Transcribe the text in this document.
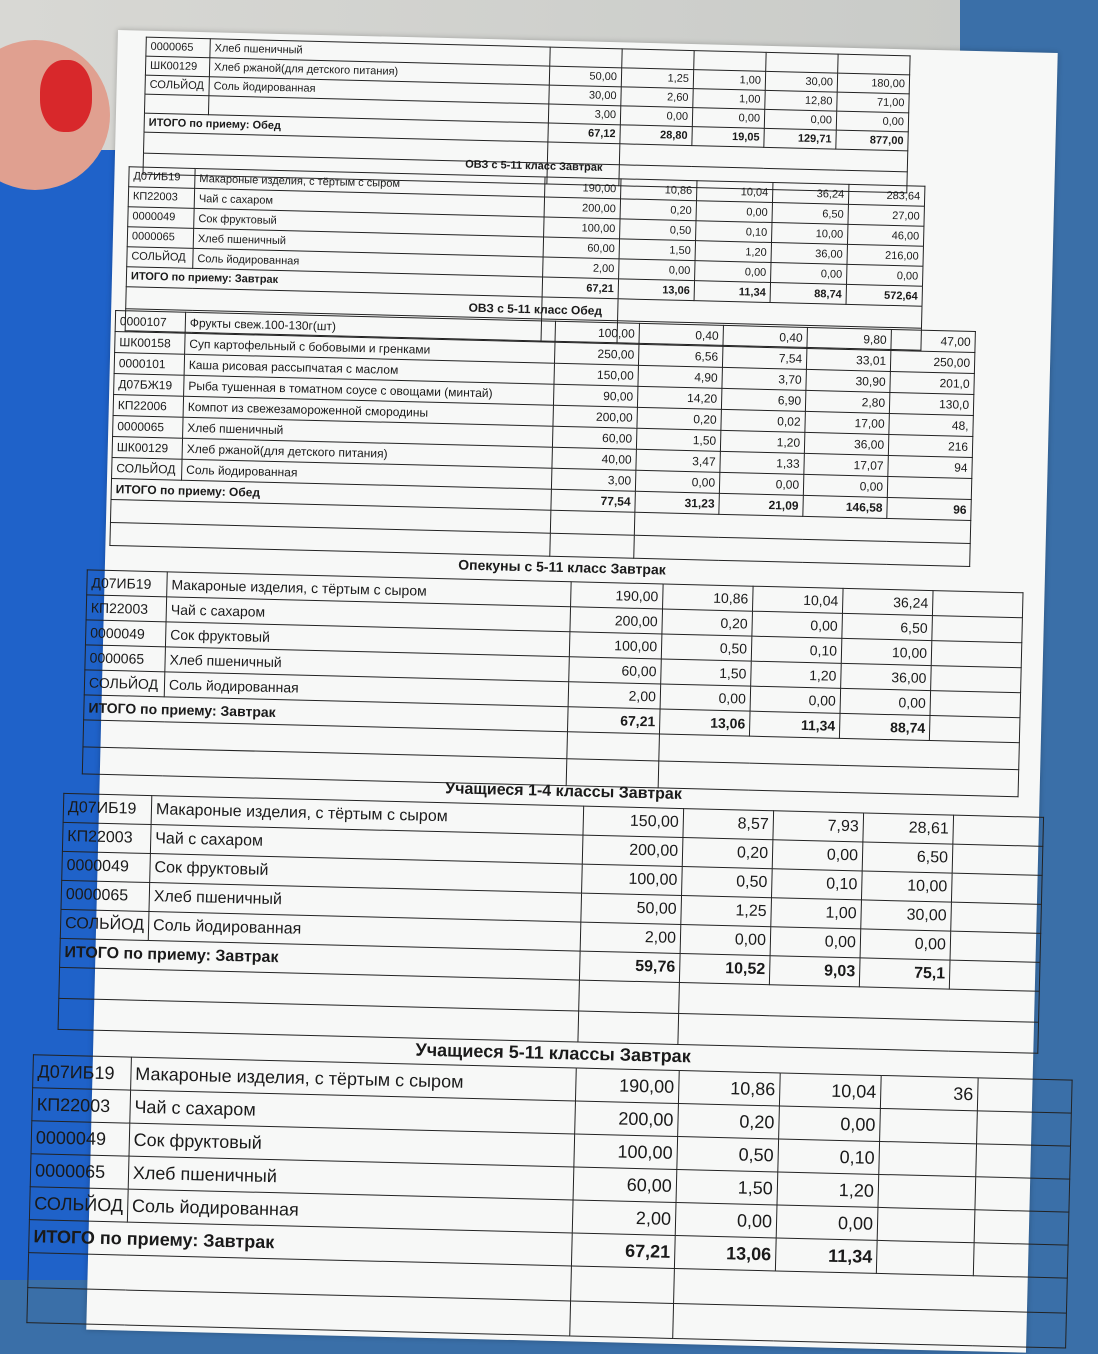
0000065	Хлеб пшеничный					
ШК00129	Хлеб ржаной(для детского питания)	50,00	1,25	1,00	30,00	180,00
СОЛЬЙОД	Соль йодированная	30,00	2,60	1,00	12,80	71,00
		3,00	0,00	0,00	0,00	0,00
ИТОГО по приему: Обед		67,12	28,80	19,05	129,71	877,00

ОВЗ с 5-11 класс Завтрак
Д07ИБ19	Макароные изделия, с тёртым с сыром	190,00	10,86	10,04	36,24	283,64
КП22003	Чай с сахаром	200,00	0,20	0,00	6,50	27,00
0000049	Сок фруктовый	100,00	0,50	0,10	10,00	46,00
0000065	Хлеб пшеничный	60,00	1,50	1,20	36,00	216,00
СОЛЬЙОД	Соль йодированная	2,00	0,00	0,00	0,00	0,00
ИТОГО по приему: Завтрак		67,21	13,06	11,34	88,74	572,64

ОВЗ с 5-11 класс Обед
0000107	Фрукты свеж.100-130г(шт)	100,00	0,40	0,40	9,80	47,00
ШК00158	Суп картофельный с бобовыми и гренками	250,00	6,56	7,54	33,01	250,00
0000101	Каша рисовая рассыпчатая с маслом	150,00	4,90	3,70	30,90	201,0
Д07БЖ19	Рыба тушенная в томатном соусе с овощами (минтай)	90,00	14,20	6,90	2,80	130,0
КП22006	Компот из свежезамороженной смородины	200,00	0,20	0,02	17,00	48,
0000065	Хлеб пшеничный	60,00	1,50	1,20	36,00	216
ШК00129	Хлеб ржаной(для детского питания)	40,00	3,47	1,33	17,07	94
СОЛЬЙОД	Соль йодированная	3,00	0,00	0,00	0,00	
ИТОГО по приему: Обед		77,54	31,23	21,09	146,58	96

Опекуны с 5-11 класс Завтрак
Д07ИБ19	Макароные изделия, с тёртым с сыром	190,00	10,86	10,04	36,24	
КП22003	Чай с сахаром	200,00	0,20	0,00	6,50	
0000049	Сок фруктовый	100,00	0,50	0,10	10,00	
0000065	Хлеб пшеничный	60,00	1,50	1,20	36,00	
СОЛЬЙОД	Соль йодированная	2,00	0,00	0,00	0,00	
ИТОГО по приему: Завтрак		67,21	13,06	11,34	88,74	

Учащиеся 1-4 классы Завтрак
Д07ИБ19	Макароные изделия, с тёртым с сыром	150,00	8,57	7,93	28,61	
КП22003	Чай с сахаром	200,00	0,20	0,00	6,50	
0000049	Сок фруктовый	100,00	0,50	0,10	10,00	
0000065	Хлеб пшеничный	50,00	1,25	1,00	30,00	
СОЛЬЙОД	Соль йодированная	2,00	0,00	0,00	0,00	
ИТОГО по приему: Завтрак		59,76	10,52	9,03	75,1	

Учащиеся 5-11 классы Завтрак
Д07ИБ19	Макароные изделия, с тёртым с сыром	190,00	10,86	10,04	36	
КП22003	Чай с сахаром	200,00	0,20	0,00		
0000049	Сок фруктовый	100,00	0,50	0,10		
0000065	Хлеб пшеничный	60,00	1,50	1,20		
СОЛЬЙОД	Соль йодированная	2,00	0,00	0,00		
ИТОГО по приему: Завтрак		67,21	13,06	11,34		
